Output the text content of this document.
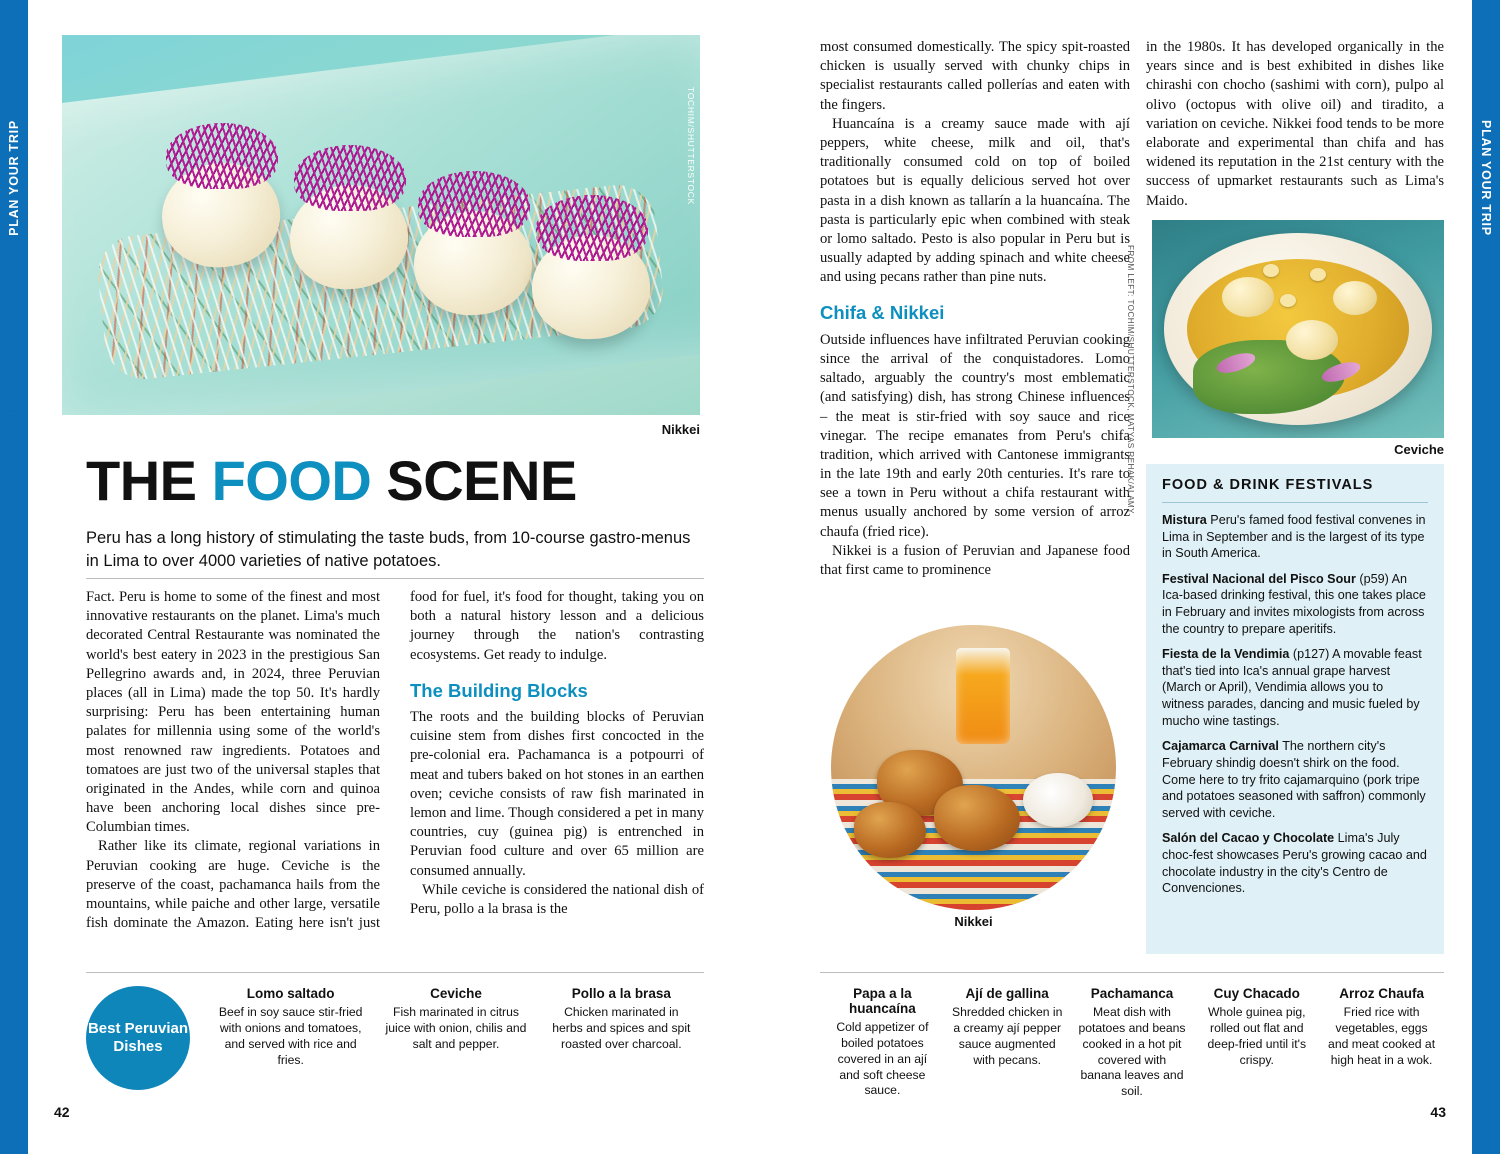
PLAN YOUR TRIP
THE FOOD SCENE
PLAN YOUR TRIP
THE FOOD SCENE
TOCHIM/SHUTTERSTOCK
Nikkei
THE FOOD SCENE
Peru has a long history of stimulating the taste buds, from 10-course gastro-menus in Lima to over 4000 varieties of native potatoes.

Fact. Peru is home to some of the finest and most innovative restaurants on the planet. Lima's much decorated Central Restaurante was nominated the world's best eatery in 2023 in the prestigious San Pellegrino awards and, in 2024, three Peruvian places (all in Lima) made the top 50. It's hardly surprising: Peru has been entertaining human palates for millennia using some of the world's most renowned raw ingredients. Potatoes and tomatoes are just two of the universal staples that originated in the Andes, while corn and quinoa have been anchoring local dishes since pre-Columbian times.

Rather like its climate, regional variations in Peruvian cooking are huge. Ceviche is the preserve of the coast, pachamanca hails from the mountains, while paiche and other large, versatile fish dominate the Amazon. Eating here isn't just food for fuel, it's food for thought, taking you on both a natural history lesson and a delicious journey through the nation's contrasting ecosystems. Get ready to indulge.

The Building Blocks

The roots and the building blocks of Peruvian cuisine stem from dishes first concocted in the pre-colonial era. Pachamanca is a potpourri of meat and tubers baked on hot stones in an earthen oven; ceviche consists of raw fish marinated in lemon and lime. Though considered a pet in many countries, cuy (guinea pig) is entrenched in Peruvian food culture and over 65 million are consumed annually.

While ceviche is considered the national dish of Peru, pollo a la brasa is the

Best Peruvian Dishes
Lomo saltado
Beef in soy sauce stir-fried with onions and tomatoes, and served with rice and fries.
Ceviche
Fish marinated in citrus juice with onion, chilis and salt and pepper.
Pollo a la brasa
Chicken marinated in herbs and spices and spit roasted over charcoal.
42

most consumed domestically. The spicy spit-roasted chicken is usually served with chunky chips in specialist restaurants called pollerías and eaten with the fingers.

Huancaína is a creamy sauce made with ají peppers, white cheese, milk and oil, that's traditionally consumed cold on top of boiled potatoes but is equally delicious served hot over pasta in a dish known as tallarín a la huancaína. The pasta is particularly epic when combined with steak or lomo saltado. Pesto is also popular in Peru but is usually adapted by adding spinach and white cheese and using pecans rather than pine nuts.

Chifa & Nikkei

Outside influences have infiltrated Peruvian cooking since the arrival of the conquistadores. Lomo saltado, arguably the country's most emblematic (and satisfying) dish, has strong Chinese influences – the meat is stir-fried with soy sauce and rice vinegar. The recipe emanates from Peru's chifa tradition, which arrived with Cantonese immigrants in the late 19th and early 20th centuries. It's rare to see a town in Peru without a chifa restaurant with menus usually anchored by some version of arroz chaufa (fried rice).

Nikkei is a fusion of Peruvian and Japanese food that first came to prominence

in the 1980s. It has developed organically in the years since and is best exhibited in dishes like chirashi con chocho (sashimi with corn), pulpo al olivo (octopus with olive oil) and tiradito, a variation on ceviche. Nikkei food tends to be more elaborate and experimental than chifa and has widened its reputation in the 21st century with the success of upmarket restaurants such as Lima's Maido.

FROM LEFT: TOCHIM/SHUTTERSTOCK, MATYAS REHAK/ALAMY	Ceviche
FOOD & DRINK FESTIVALS
Mistura Peru's famed food festival convenes in Lima in September and is the largest of its type in South America.
Festival Nacional del Pisco Sour (p59) An Ica-based drinking festival, this one takes place in February and invites mixologists from across the country to prepare aperitifs.
Fiesta de la Vendimia (p127) A movable feast that's tied into Ica's annual grape harvest (March or April), Vendimia allows you to witness parades, dancing and music fueled by mucho wine tastings.
Cajamarca Carnival The northern city's February shindig doesn't shirk on the food. Come here to try frito cajamarquino (pork tripe and potatoes seasoned with saffron) commonly served with ceviche.
Salón del Cacao y Chocolate Lima's July choc-fest showcases Peru's growing cacao and chocolate industry in the city's Centro de Convenciones.
Nikkei
Papa a la huancaína
Cold appetizer of boiled potatoes covered in an ají and soft cheese sauce.
Ají de gallina
Shredded chicken in a creamy ají pepper sauce augmented with pecans.
Pachamanca
Meat dish with potatoes and beans cooked in a hot pit covered with banana leaves and soil.
Cuy Chacado
Whole guinea pig, rolled out flat and deep-fried until it's crispy.
Arroz Chaufa
Fried rice with vegetables, eggs and meat cooked at high heat in a wok.
43
